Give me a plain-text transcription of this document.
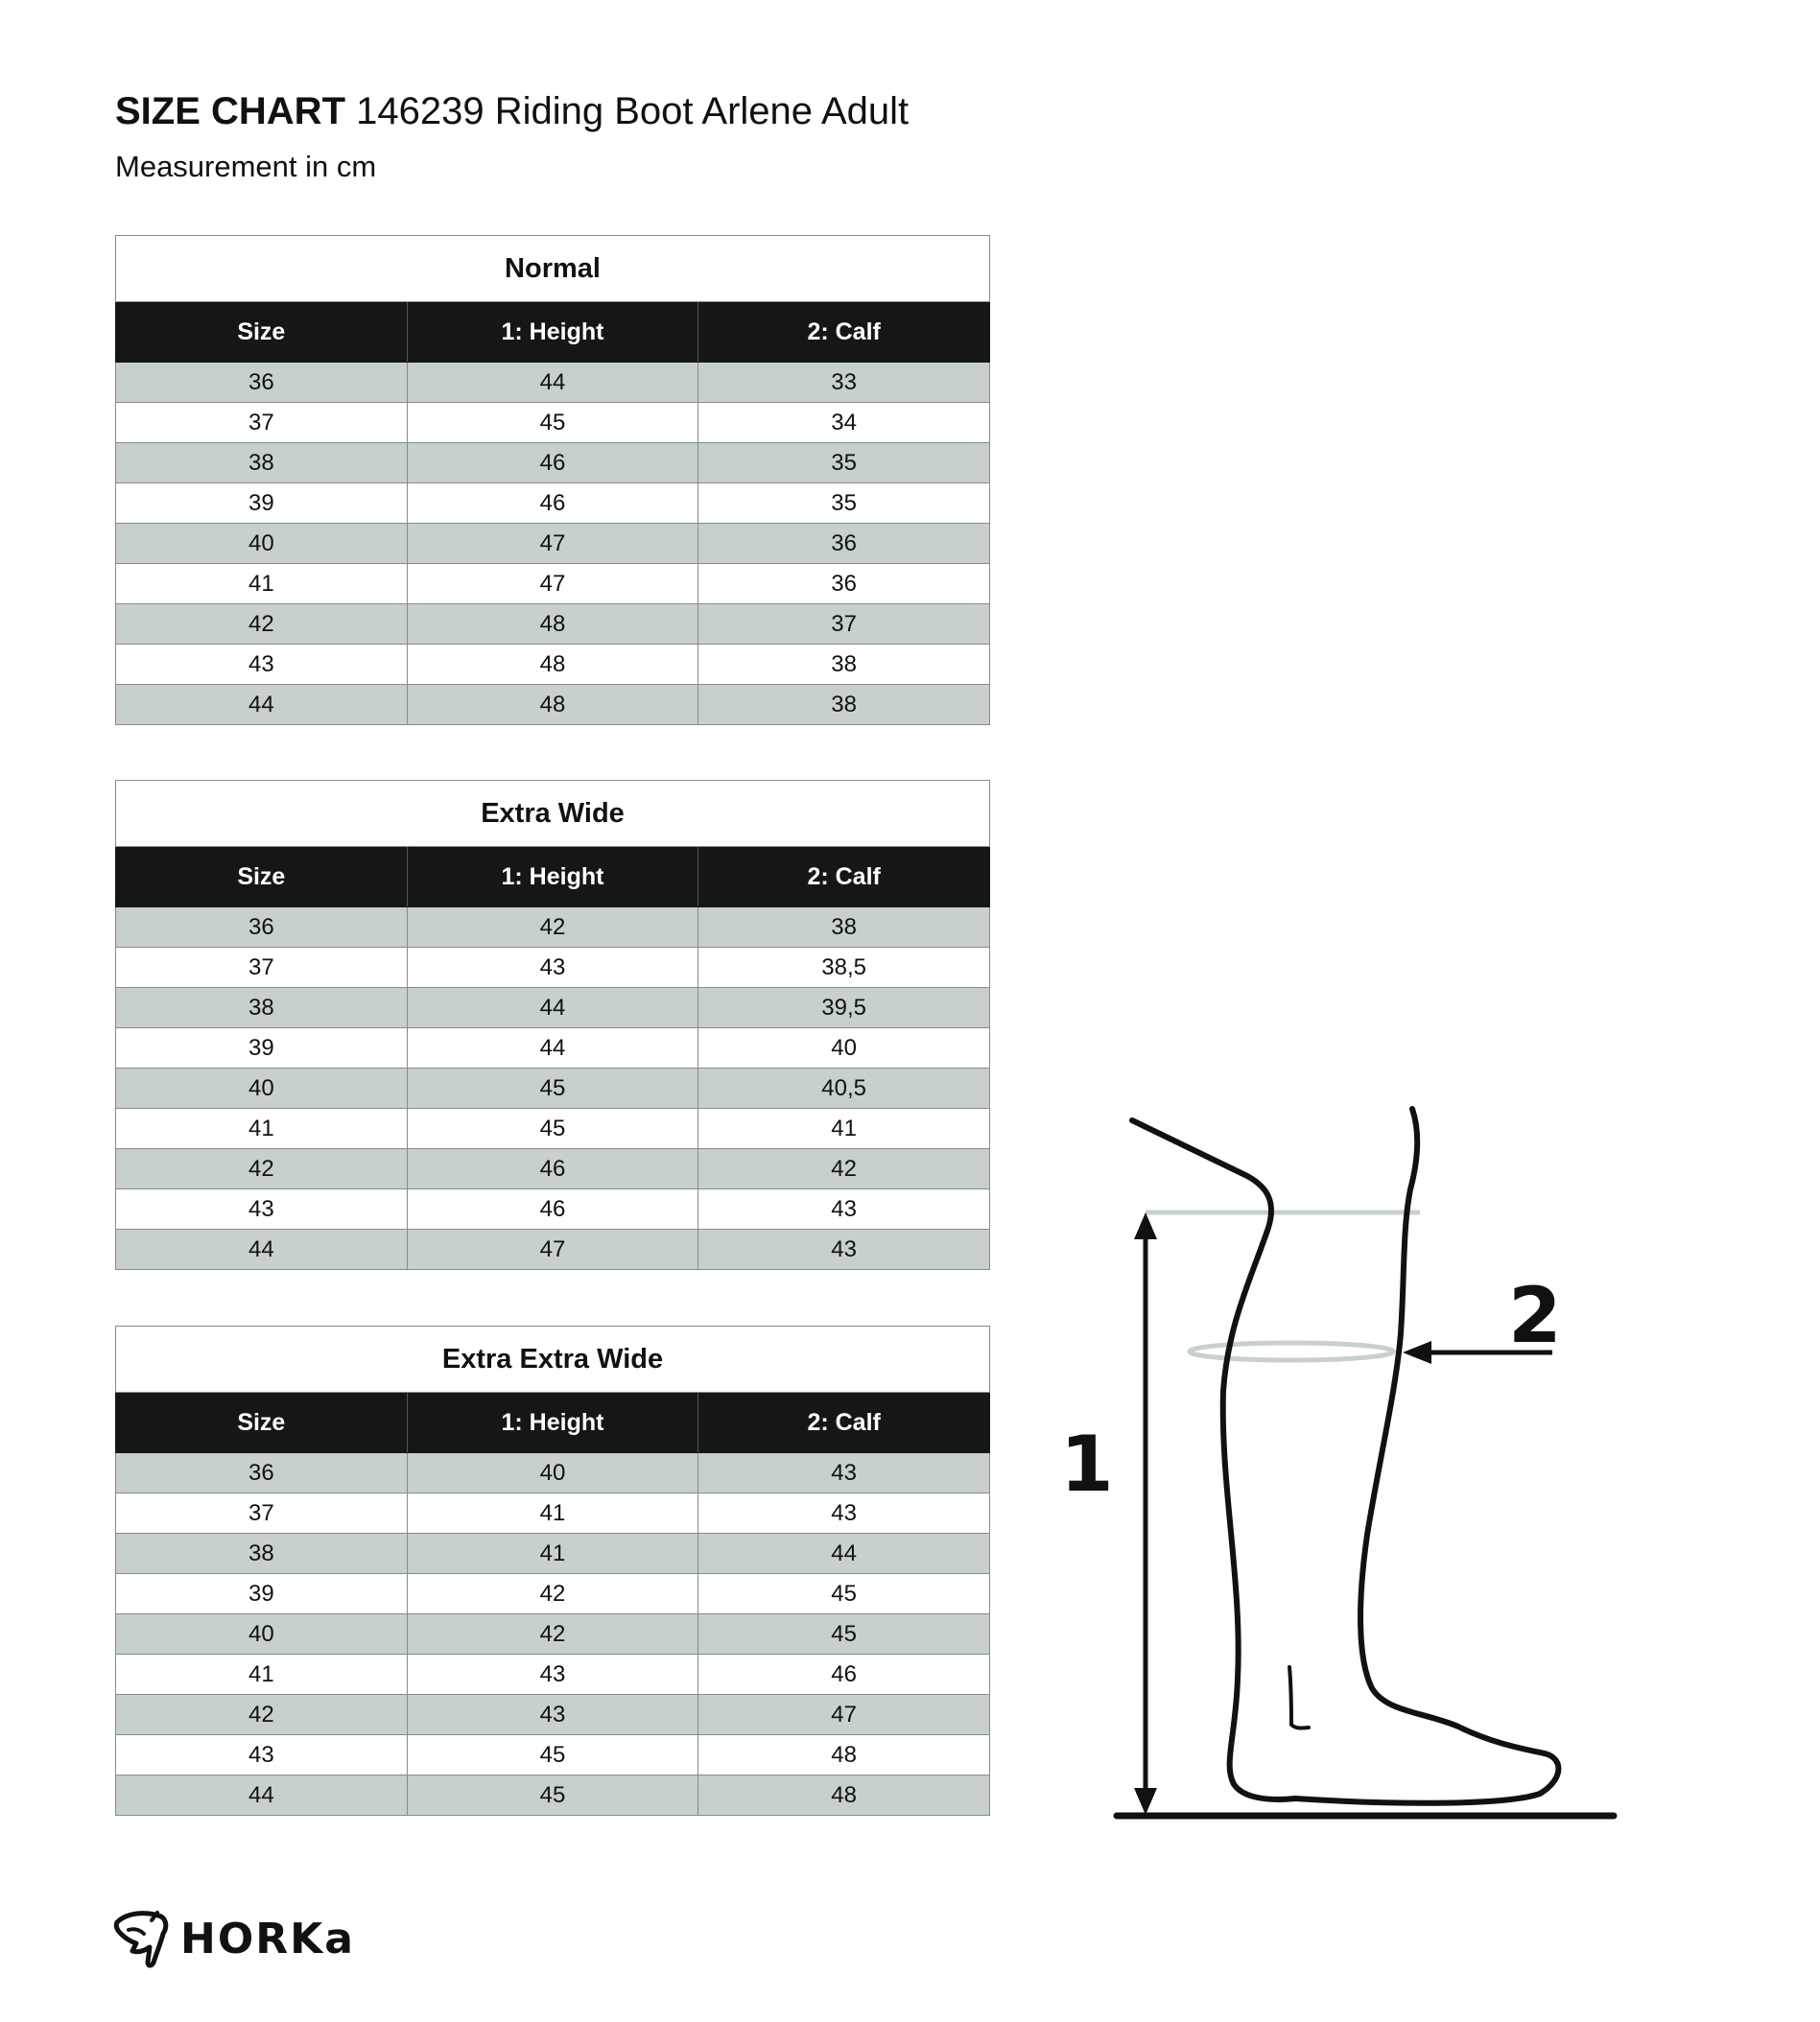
SIZE CHART 146239 Riding Boot Arlene Adult
Measurement in cm
Normal		
Size	1: Height	2: Calf
36	44	33
37	45	34
38	46	35
39	46	35
40	47	36
41	47	36
42	48	37
43	48	38
44	48	38
Extra Wide		
Size	1: Height	2: Calf
36	42	38
37	43	38,5
38	44	39,5
39	44	40
40	45	40,5
41	45	41
42	46	42
43	46	43
44	47	43
Extra Extra Wide		
Size	1: Height	2: Calf
36	40	43
37	41	43
38	41	44
39	42	45
40	42	45
41	43	46
42	43	47
43	45	48
44	45	48
1
2
HORKa
